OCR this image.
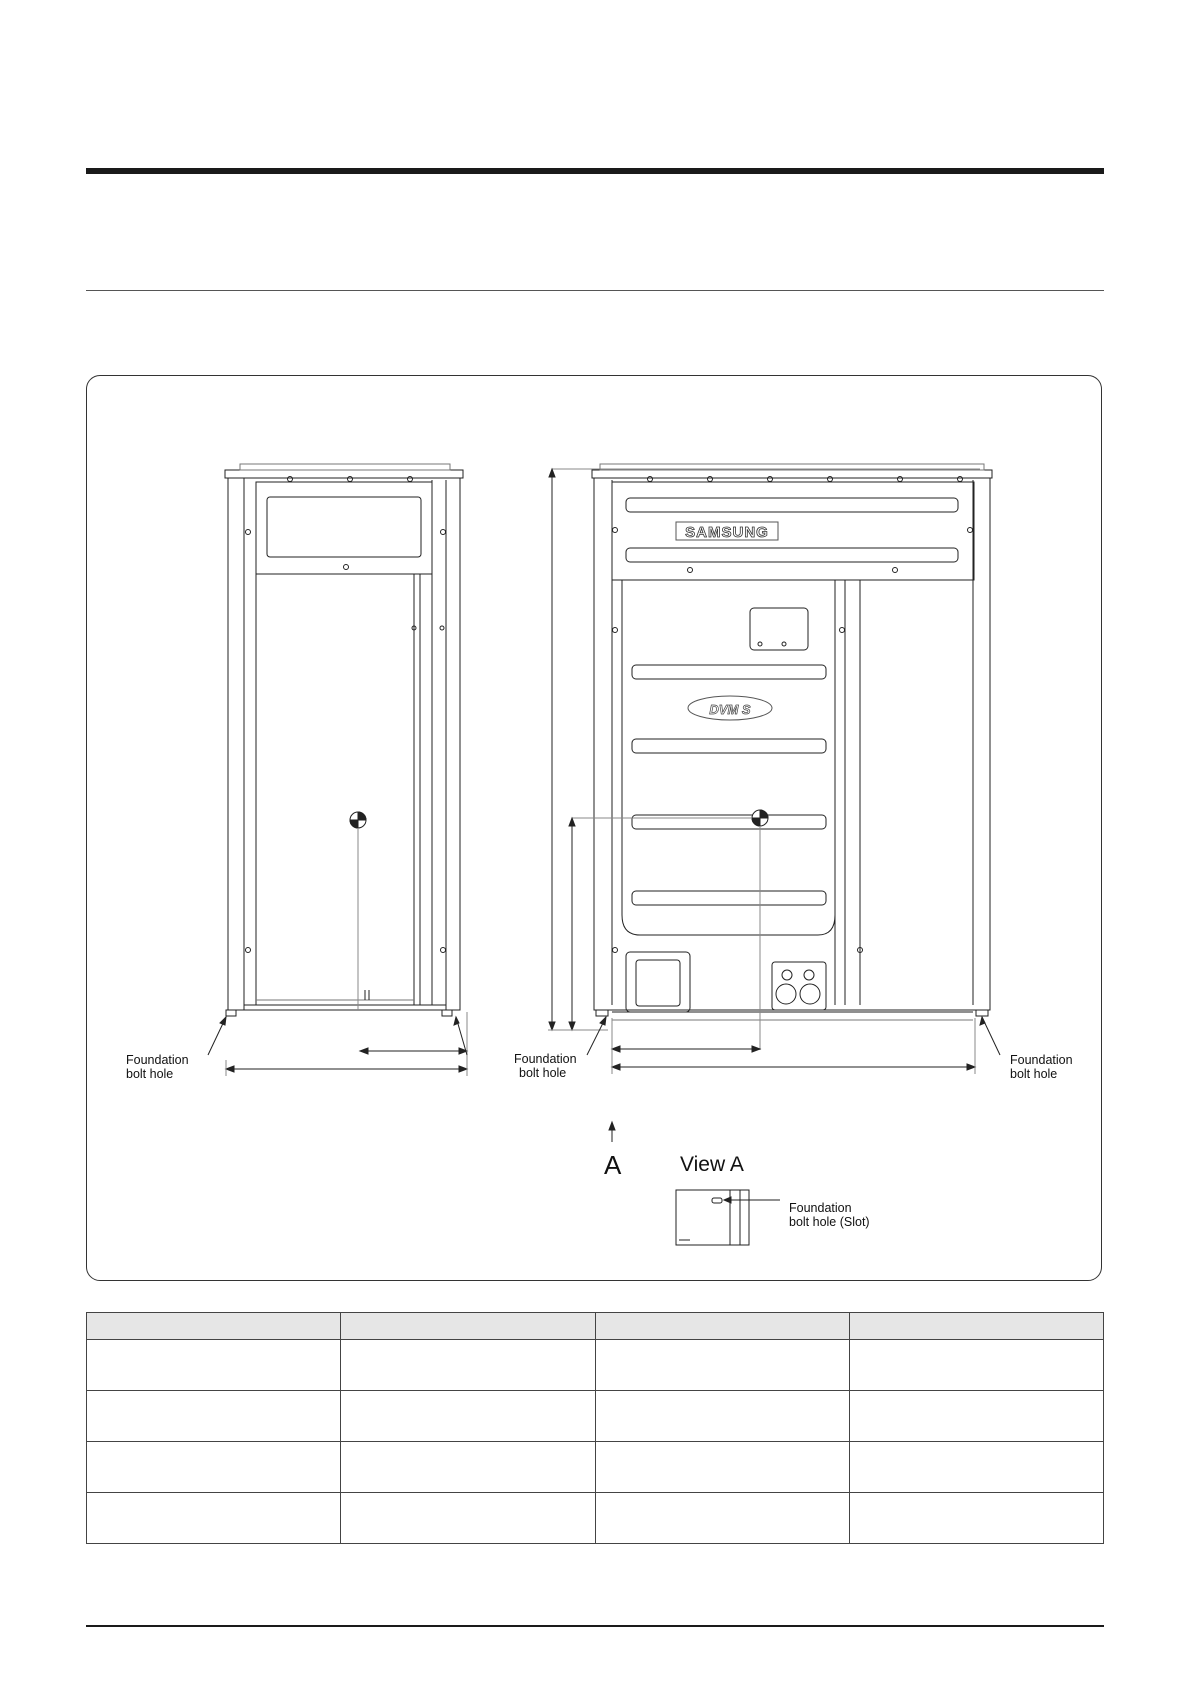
SAMSUNG
DVM S
Foundation
bolt hole
Foundation
bolt hole
Foundation
bolt hole
A	View A
Foundation
bolt hole (Slot)
